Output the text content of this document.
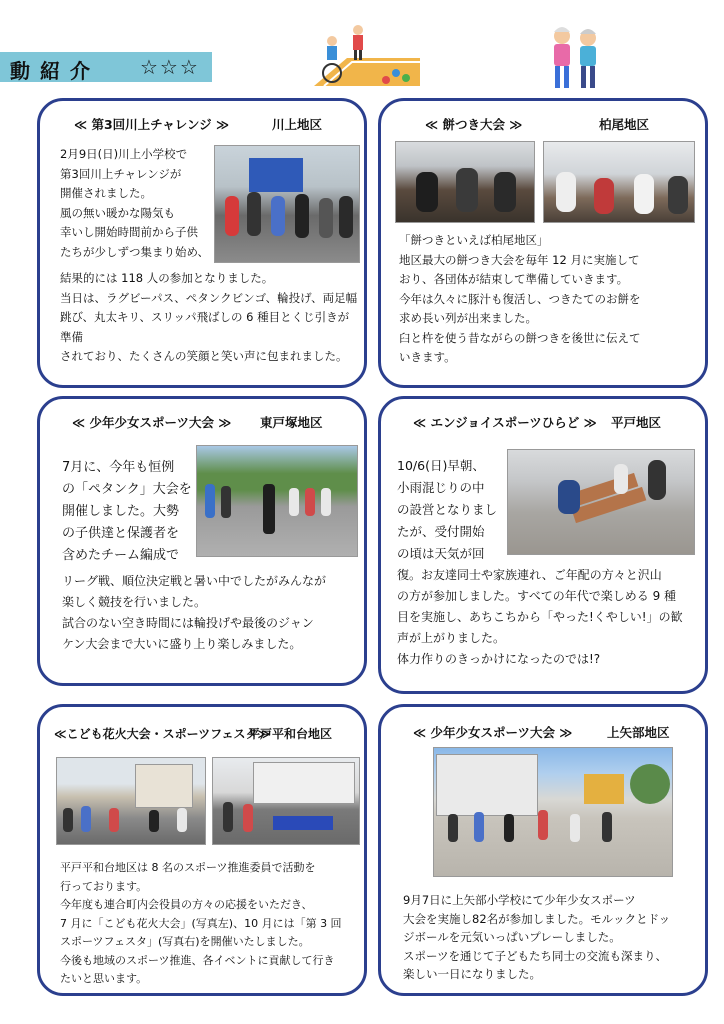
動紹介 ☆☆☆
≪ 第3回川上チャレンジ ≫	川上地区

2月9日(日)川上小学校で

第3回川上チャレンジが

開催されました。

風の無い暖かな陽気も

幸いし開始時間前から子供

たちが少しずつ集まり始め、

結果的には 118 人の参加となりました。

当日は、ラグビーパス、ペタンクビンゴ、輪投げ、両足幅

跳び、丸太キリ、スリッパ飛ばしの 6 種目とくじ引きが準備

されており、たくさんの笑顔と笑い声に包まれました。

≪ 餅つき大会 ≫	柏尾地区

「餅つきといえば柏尾地区」

地区最大の餅つき大会を毎年 12 月に実施して

おり、各団体が結束して準備していきます。

今年は久々に豚汁も復活し、つきたてのお餅を

求め長い列が出来ました。

臼と杵を使う昔ながらの餅つきを後世に伝えて

いきます。

≪ 少年少女スポーツ大会 ≫ 東戸塚地区

7月に、今年も恒例

の「ペタンク」大会を

開催しました。大勢

の子供達と保護者を

含めたチーム編成で

リーグ戦、順位決定戦と暑い中でしたがみんなが

楽しく競技を行いました。

試合のない空き時間には輪投げや最後のジャン

ケン大会まで大いに盛り上り楽しみました。

≪ エンジョイスポーツひらど ≫ 平戸地区

10/6(日)早朝、

小雨混じりの中

の設営となりまし

たが、受付開始

の頃は天気が回

復。お友達同士や家族連れ、ご年配の方々と沢山

の方が参加しました。すべての年代で楽しめる 9 種

目を実施し、あちこちから「やった!くやしい!」の歓

声が上がりました。

体力作りのきっかけになったのでは!?

≪こども花火大会・スポーツフェスタ≫
平戸平和台地区

平戸平和台地区は 8 名のスポーツ推進委員で活動を

行っております。

今年度も連合町内会役員の方々の応援をいただき、

7 月に「こども花火大会」(写真左)、10 月には「第 3 回

スポーツフェスタ」(写真右)を開催いたしました。

今後も地域のスポーツ推進、各イベントに貢献して行き

たいと思います。

≪ 少年少女スポーツ大会 ≫	上矢部地区

9月7日に上矢部小学校にて少年少女スポーツ

大会を実施し82名が参加しました。モルックとドッ

ジボールを元気いっぱいプレーしました。

スポーツを通じて子どもたち同士の交流も深まり、

楽しい一日になりました。
